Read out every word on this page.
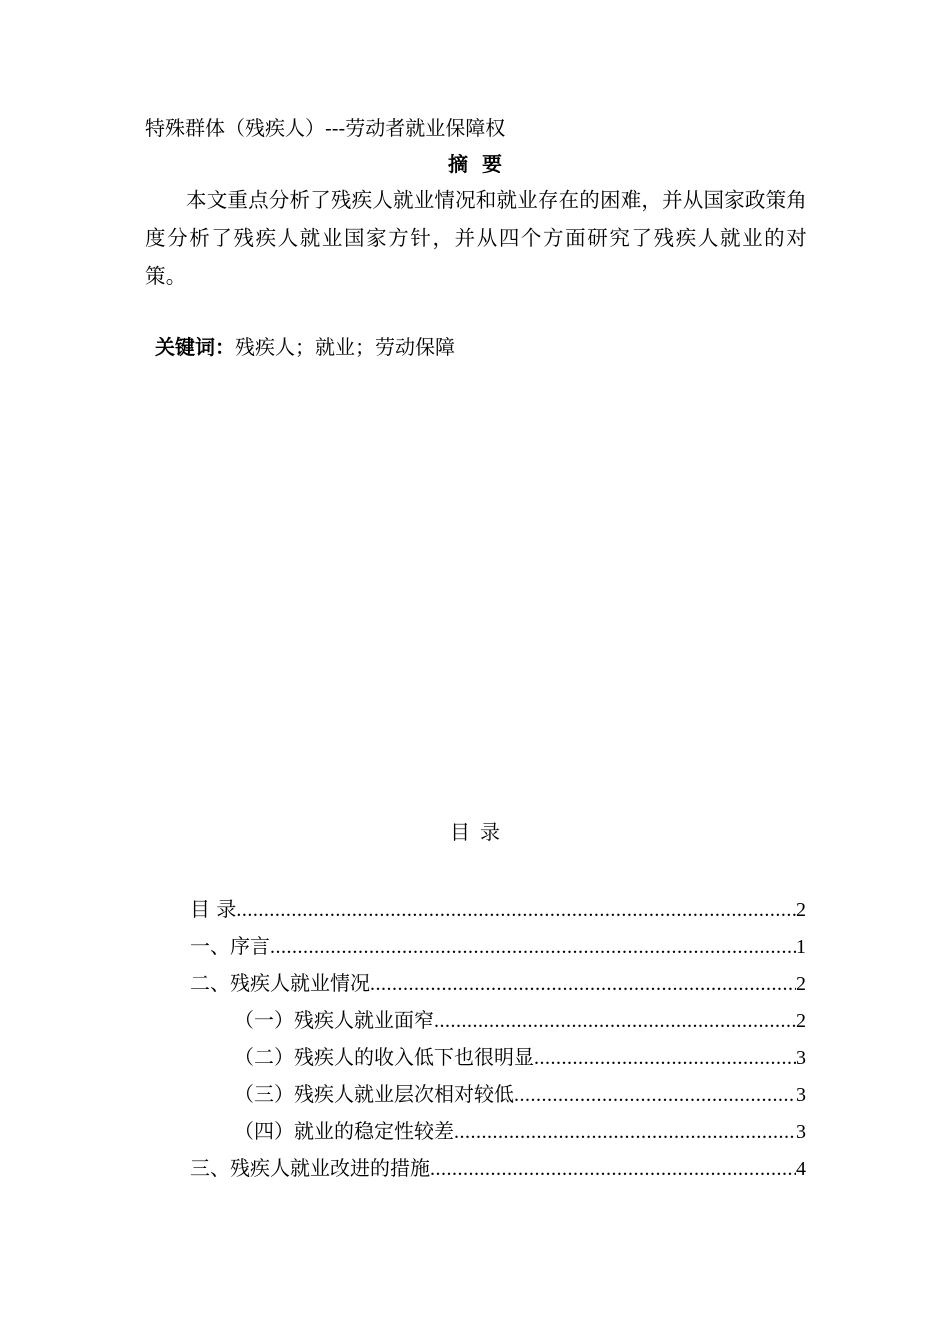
特殊群体（残疾人）---劳动者就业保障权
摘要
本文重点分析了残疾人就业情况和就业存在的困难，并从国家政策角度分析了残疾人就业国家方针，并从四个方面研究了残疾人就业的对策。
关键词：残疾人；就业；劳动保障
目录
目 录 .....	2
一、序言 .....	1
二、残疾人就业情况 .....	2
（一）残疾人就业面窄 .....	2
（二）残疾人的收入低下也很明显 .....	3
（三）残疾人就业层次相对较低 .....	3
（四）就业的稳定性较差 .....	3
三、残疾人就业改进的措施 .....	4
